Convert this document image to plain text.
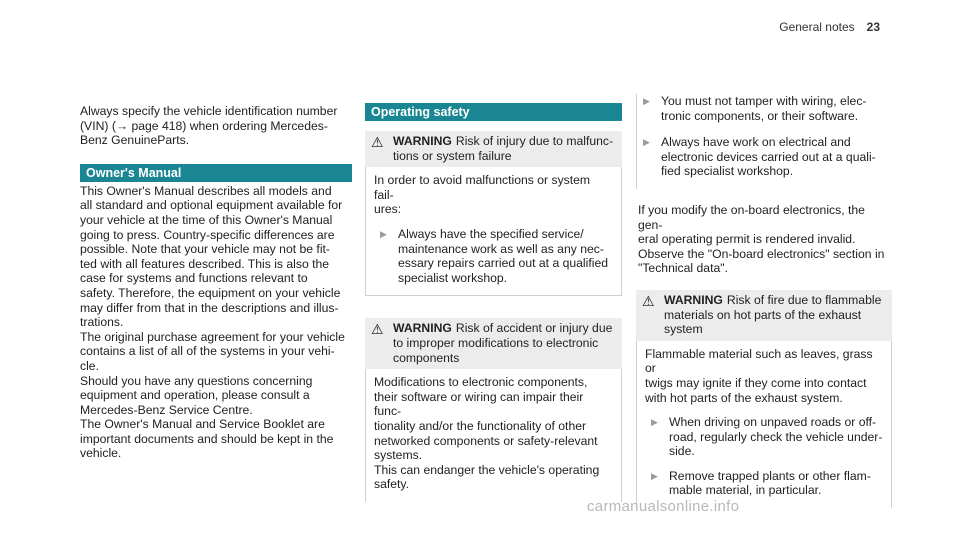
General notes 23

Always specify the vehicle identification number
(VIN) (→ page 418) when ordering Mercedes-
Benz GenuineParts.

Owner's Manual

This Owner's Manual describes all models and
all standard and optional equipment available for
your vehicle at the time of this Owner's Manual
going to press. Country-specific differences are
possible. Note that your vehicle may not be fit-
ted with all features described. This is also the
case for systems and functions relevant to
safety. Therefore, the equipment on your vehicle
may differ from that in the descriptions and illus-
trations.

The original purchase agreement for your vehicle
contains a list of all of the systems in your vehi-
cle.

Should you have any questions concerning
equipment and operation, please consult a
Mercedes-Benz Service Centre.

The Owner's Manual and Service Booklet are
important documents and should be kept in the
vehicle.

Operating safety
⚠ WARNING Risk of injury due to malfunc-
tions or system failure

In order to avoid malfunctions or system fail-
ures:

▶ Always have the specified service/
maintenance work as well as any nec-
essary repairs carried out at a qualified
specialist workshop.
⚠ WARNING Risk of accident or injury due
to improper modifications to electronic
components

Modifications to electronic components,
their software or wiring can impair their func-
tionality and/or the functionality of other
networked components or safety-relevant
systems.

This can endanger the vehicle's operating
safety.

▶ You must not tamper with wiring, elec-
tronic components, or their software.
▶ Always have work on electrical and
electronic devices carried out at a quali-
fied specialist workshop.

If you modify the on-board electronics, the gen-
eral operating permit is rendered invalid.

Observe the "On-board electronics" section in
"Technical data".

⚠ WARNING Risk of fire due to flammable
materials on hot parts of the exhaust
system

Flammable material such as leaves, grass or
twigs may ignite if they come into contact
with hot parts of the exhaust system.

▶ When driving on unpaved roads or off-
road, regularly check the vehicle under-
side.
▶ Remove trapped plants or other flam-
mable material, in particular.
carmanualsonline.info
